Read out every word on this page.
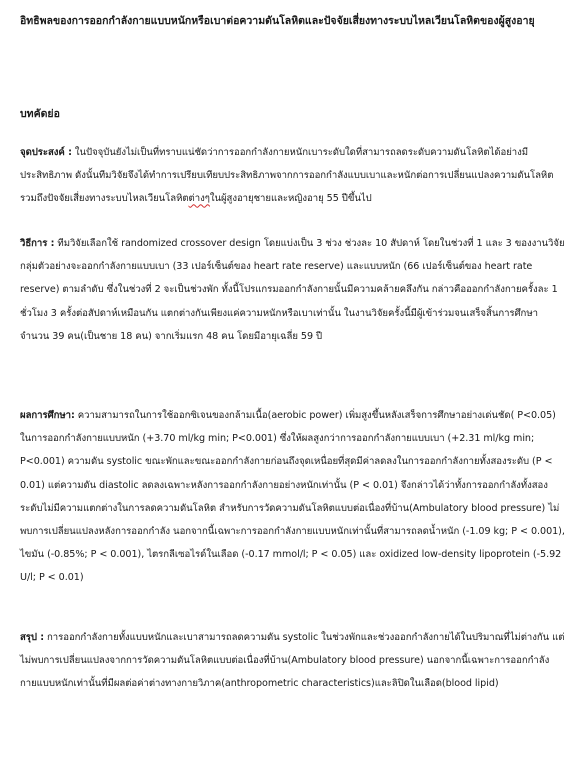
อิทธิพลของการออกกำลังกายแบบหนักหรือเบาต่อความดันโลหิตและปัจจัยเสี่ยงทางระบบไหลเวียนโลหิตของผู้สูงอายุ
บทคัดย่อ
จุดประสงค์ : ในปัจจุบันยังไม่เป็นที่ทราบแน่ชัดว่าการออกกำลังกายหนักเบาระดับใดที่สามารถลดระดับความดันโลหิตได้อย่างมีประสิทธิภาพ ดังนั้นทีมวิจัยจึงได้ทำการเปรียบเทียบประสิทธิภาพจากการออกกำลังแบบเบาและหนักต่อการเปลี่ยนแปลงความดันโลหิตรวมถึงปัจจัยเสี่ยงทางระบบไหลเวียนโลหิตต่างๆในผู้สูงอายุชายและหญิงอายุ 55 ปีขึ้นไป
วิธีการ : ทีมวิจัยเลือกใช้ randomized crossover design โดยแบ่งเป็น 3 ช่วง ช่วงละ 10 สัปดาห์ โดยในช่วงที่ 1 และ 3 ของงานวิจัย กลุ่มตัวอย่างจะออกกำลังกายแบบเบา (33 เปอร์เซ็นต์ของ heart rate reserve) และแบบหนัก (66 เปอร์เซ็นต์ของ heart rate reserve) ตามลำดับ ซึ่งในช่วงที่ 2 จะเป็นช่วงพัก ทั้งนี้โปรแกรมออกกำลังกายนั้นมีความคล้ายคลึงกัน กล่าวคือออกกำลังกายครั้งละ 1 ชั่วโมง 3 ครั้งต่อสัปดาห์เหมือนกัน แตกต่างกันเพียงแค่ความหนักหรือเบาเท่านั้น ในงานวิจัยครั้งนี้มีผู้เข้าร่วมจนเสร็จสิ้นการศึกษาจำนวน 39 คน(เป็นชาย 18 คน) จากเริ่มแรก 48 คน โดยมีอายุเฉลี่ย 59 ปี
ผลการศึกษา: ความสามารถในการใช้ออกซิเจนของกล้ามเนื้อ(aerobic power) เพิ่มสูงขึ้นหลังเสร็จการศึกษาอย่างเด่นชัด( P<0.05) ในการออกกำลังกายแบบหนัก (+3.70 ml/kg min; P<0.001) ซึ่งให้ผลสูงกว่าการออกกำลังกายแบบเบา (+2.31 ml/kg min; P<0.001) ความดัน systolic ขณะพักและขณะออกกำลังกายก่อนถึงจุดเหนื่อยที่สุดมีค่าลดลงในการออกกำลังกายทั้งสองระดับ (P < 0.01) แต่ความดัน diastolic ลดลงเฉพาะหลังการออกกำลังกายอย่างหนักเท่านั้น (P < 0.01) จึงกล่าวได้ว่าทั้งการออกกำลังทั้งสองระดับไม่มีความแตกต่างในการลดความดันโลหิต สำหรับการวัดความดันโลหิตแบบต่อเนื่องที่บ้าน(Ambulatory blood pressure) ไม่พบการเปลี่ยนแปลงหลังการออกกำลัง นอกจากนี้เฉพาะการออกกำลังกายแบบหนักเท่านั้นที่สามารถลดน้ำหนัก (-1.09 kg; P < 0.001), ไขมัน (-0.85%; P < 0.001), ไตรกลีเซอไรด์ในเลือด (-0.17 mmol/l; P < 0.05) และ oxidized low-density lipoprotein (-5.92 U/l; P < 0.01)
สรุป : การออกกำลังกายทั้งแบบหนักและเบาสามารถลดความดัน systolic ในช่วงพักและช่วงออกกำลังกายได้ในปริมาณที่ไม่ต่างกัน แต่ไม่พบการเปลี่ยนแปลงจากการวัดความดันโลหิตแบบต่อเนื่องที่บ้าน(Ambulatory blood pressure) นอกจากนี้เฉพาะการออกกำลังกายแบบหนักเท่านั้นที่มีผลต่อค่าต่างทางกายวิภาค(anthropometric characteristics)และลิปิดในเลือด(blood lipid)
